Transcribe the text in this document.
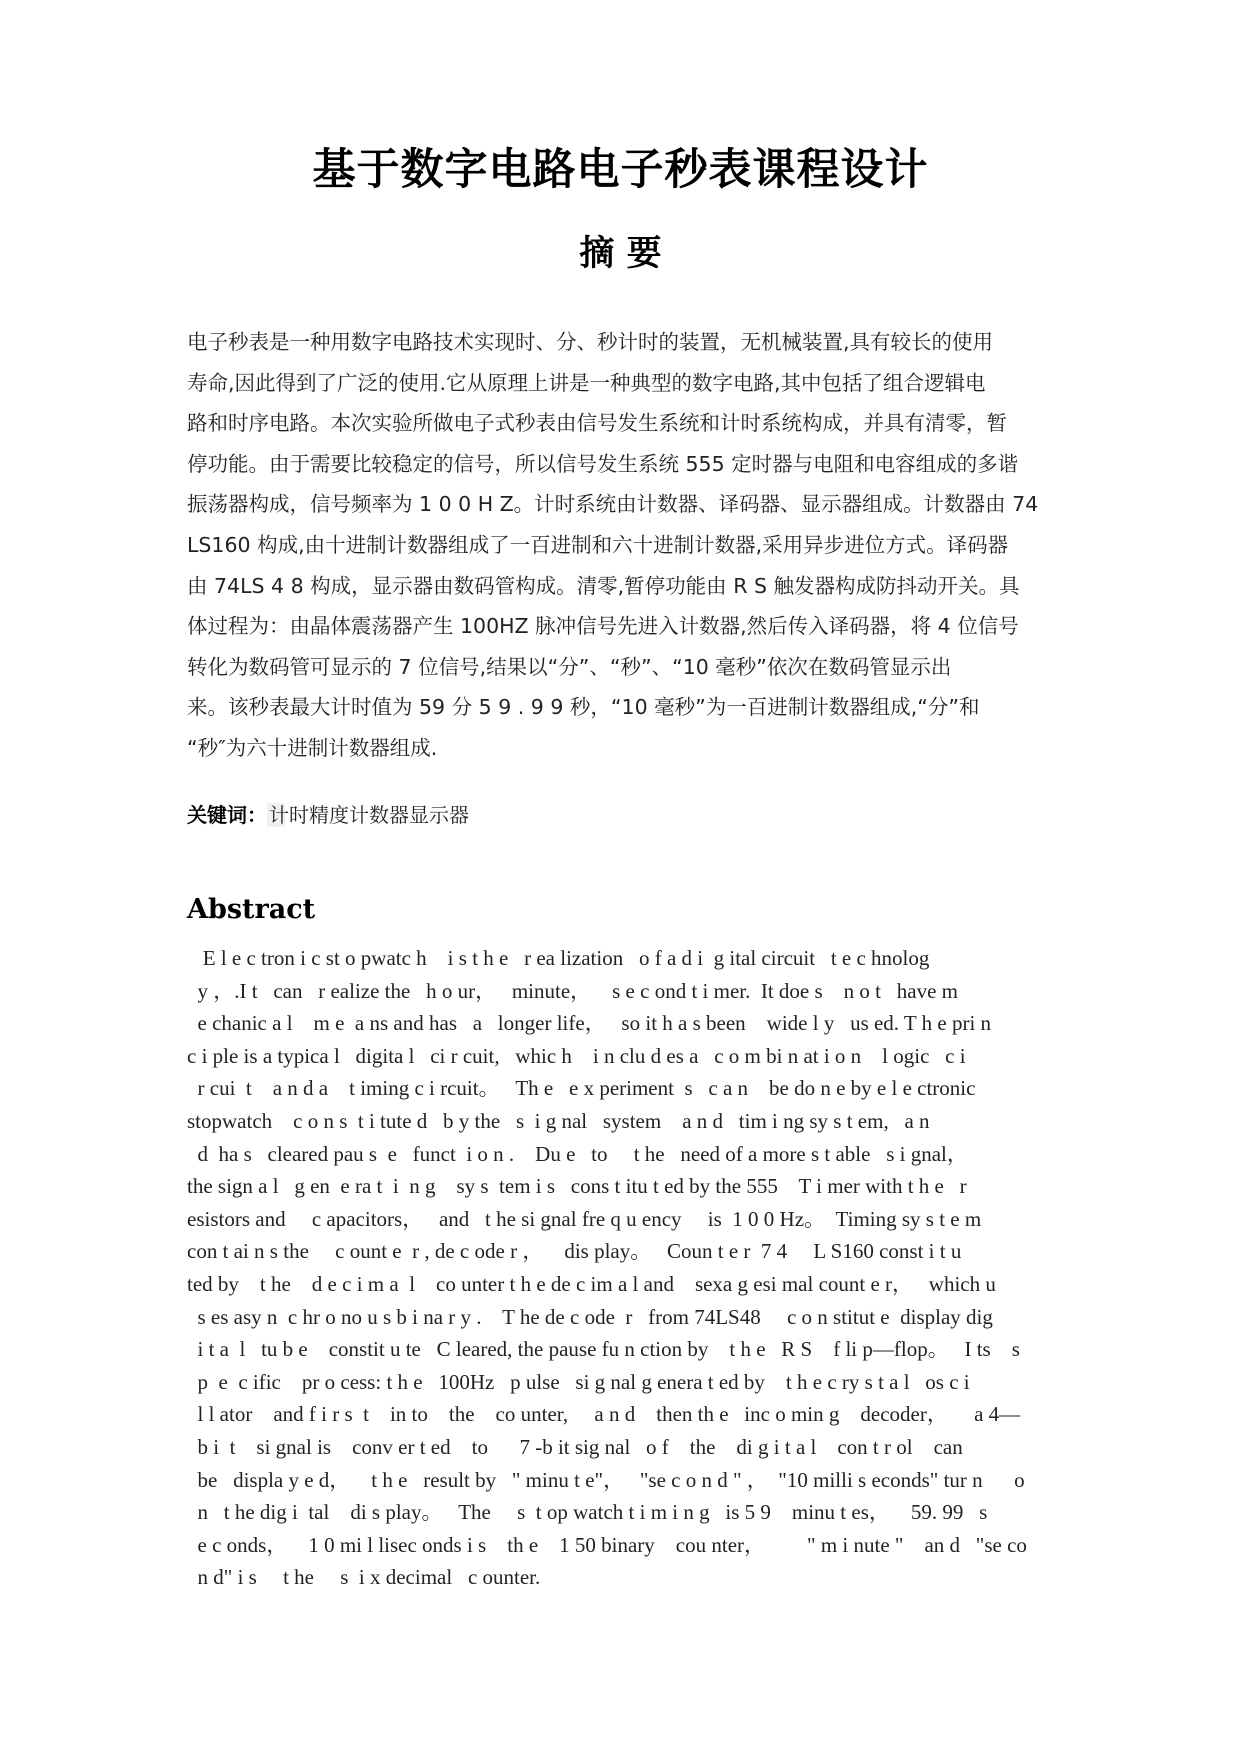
基于数字电路电子秒表课程设计
摘 要
电子秒表是一种用数字电路技术实现时、分、秒计时的装置，无机械装置,具有较长的使用
寿命,因此得到了广泛的使用.它从原理上讲是一种典型的数字电路,其中包括了组合逻辑电
路和时序电路。本次实验所做电子式秒表由信号发生系统和计时系统构成，并具有清零，暂
停功能。由于需要比较稳定的信号，所以信号发生系统 555 定时器与电阻和电容组成的多谐
振荡器构成，信号频率为 1 0 0 H Z。计时系统由计数器、译码器、显示器组成。计数器由 74
LS160 构成,由十进制计数器组成了一百进制和六十进制计数器,采用异步进位方式。译码器
由 74LS 4 8 构成，显示器由数码管构成。清零,暂停功能由 R S 触发器构成防抖动开关。具
体过程为：由晶体震荡器产生 100HZ 脉冲信号先进入计数器,然后传入译码器，将 4 位信号
转化为数码管可显示的 7 位信号,结果以“分”、“秒”、“10 毫秒”依次在数码管显示出
来。该秒表最大计时值为 59 分 5 9 . 9 9 秒，“10 毫秒”为一百进制计数器组成,“分”和
“秒″为六十进制计数器组成.
关键词： 计时精度计数器显示器
Abstract
E l e c tron i c st o pwatc h    i s t h e   r ea lization   o f a d i  g ital circuit   t e c hnolog
y ，.I t   can   r ealize the   h o ur，   minute，    s e c ond t i mer.  It doe s    n o t   have m
e chanic a l    m e  a ns and has   a   longer life，   so it h a s been    wide l y   us ed. T h e pri n
c i ple is a typica l   digita l   ci r cuit,   whic h    i n clu d es a   c o m bi n at i o n    l ogic   c i
r cui  t    a n d a    t iming c i rcuit。   Th e   e x periment  s   c a n    be do n e by e l e ctronic
stopwatch    c o n s  t i tute d   b y the   s  i g nal   system    a n d   tim i ng sy s t em,   a n
d  ha s   cleared pau s  e   funct  i o n .    Du e   to     t he   need of a more s t able   s i gnal，
the sign a l   g en  e ra t  i  n g    sy s  tem i s   cons t itu t ed by the 555    T i mer with t h e   r
esistors and     c apacitors，   and   t he si gnal fre q u ency     is  1 0 0 Hz。  Timing sy s t e m
con t ai n s the     c ount e  r , de c ode r ，    dis play。   Coun t e r  7 4     L S160 const i t u
ted by    t he    d e c i m a  l    co unter t h e de c im a l and    sexa g esi mal count e r，   which u
s es asy n  c hr o no u s b i na r y .    T he de c ode  r   from 74LS48     c o n stitut e  display dig
i t a  l   tu b e    constit u te   C leared, the pause fu n ction by    t h e   R S    f li p—flop。   I ts    s
p  e  c ific    pr o cess: t h e   100Hz   p ulse   si g nal g enera t ed by    t h e c ry s t a l   os c i
l l ator    and f i r s  t    in to    the    co unter,     a n d    then th e   inc o min g    decoder，     a 4—
b i  t    si gnal is    conv er t ed    to      7 -b it sig nal   o f    the    di g i t a l    con t r ol    can
be   displa y e d，    t h e   result by   " minu t e"，   "se c o n d " ，  "10 milli s econds" tur n      o
n   t he dig i  tal    di s play。   The     s  t op watch t i m i n g   is 5 9    minu t es，    59. 99   s
e c onds，    1 0 mi l lisec onds i s    th e    1 50 binary    cou nter，        " m i nute "    an d   "se co
n d" i s     t he     s  i x decimal   c ounter.
